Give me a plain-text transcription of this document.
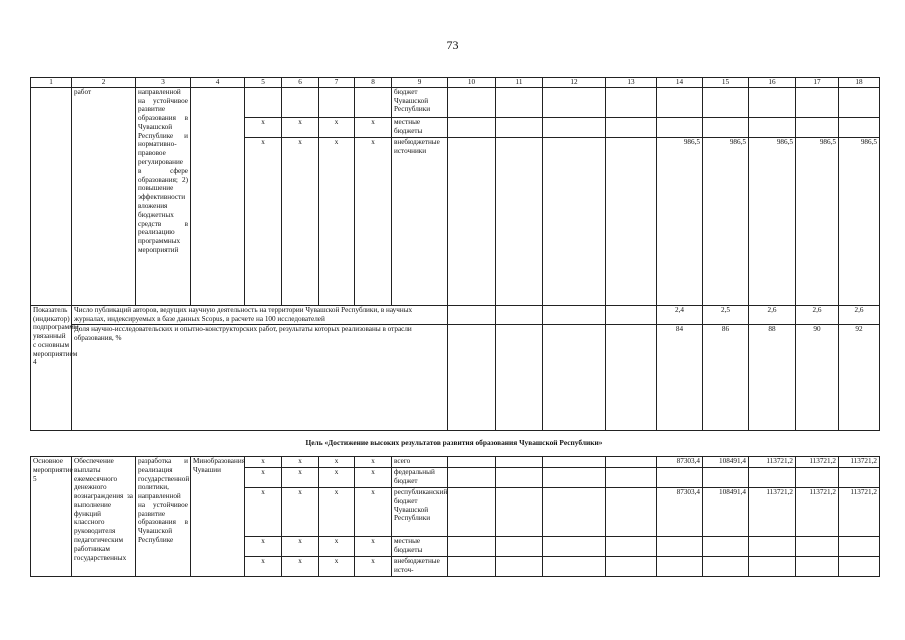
73
1	2	3	4	5	6	7	8	9	10	11	12	13	14	15	16	17	18
	работ	направленной на устойчивое развитие образования в Чувашской Республике и нормативно-правовое регулирование в сфере образования; 2) повышение эффективности вложения бюджетных средств в реализацию программных мероприятий						бюджет Чувашской Республики									
				x	x	x	x	местные бюджеты									
				x	x	x	x	внебюджетные источники					986,5	986,5	986,5	986,5	986,5
Показатель (индикатор) подпрограммы, увязанный с основным мероприятием 4	Число публикаций авторов, ведущих научную деятельность на территории Чувашской Республики, в научных журналах, индексируемых в базе данных Scopus, в расчете на 100 исследователей												2,4	2,5	2,6	2,6	2,6
	Доля научно-исследовательских и опытно-конструкторских работ, результаты которых реализованы в отрасли образования, %												84	86	88	90	92
Цель «Достижение высоких результатов развития образования Чувашской Республики»
Основное мероприятие 5	Обеспечение выплаты ежемесячного денежного вознаграждения за выполнение функций классного руководителя педагогическим работникам государственных	разработка и реализация государственной политики, направленной на устойчивое развитие образования в Чувашской Республике	Минобразования Чувашии	x	x	x	x	всего					87303,4	108491,4	113721,2	113721,2	113721,2
				x	x	x	x	федеральный бюджет									
				x	x	x	x	республиканский бюджет Чувашской Республики					87303,4	108491,4	113721,2	113721,2	113721,2
				x	x	x	x	местные бюджеты									
				x	x	x	x	внебюджетные источ-									
